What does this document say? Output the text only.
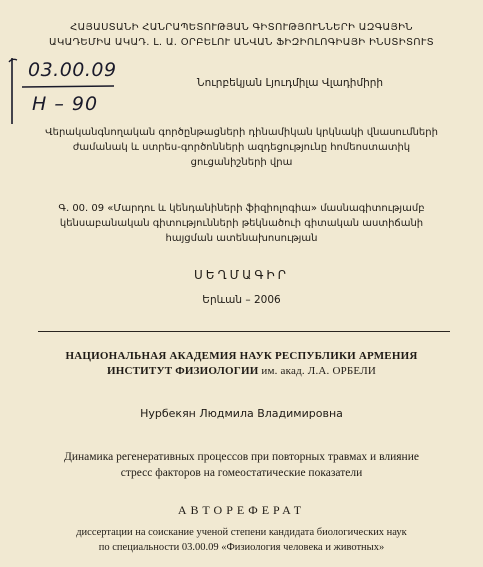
ՀԱՅԱՍՏԱՆԻ ՀԱՆՐԱՊԵՏՈՒԹՅԱՆ ԳԻՏՈՒԹՅՈՒՆՆԵՐԻ ԱԶԳԱՅԻՆ
ԱԿԱԴԵՄԻԱ ԱԿԱԴ. Լ. Ա. ՕՐԲԵԼՈՒ ԱՆՎԱՆ ՖԻԶԻՈԼՈԳԻԱՅԻ ԻՆՍՏԻՏՈՒՏ
03.00.09
H – 90
Նուրբեկյան Լյուդմիլա Վլադիմիրի
Վերականգնողական գործընթացների դինամիկան կրկնակի վնասումների
ժամանակ և ստրես-գործոնների ազդեցությունը հոմեոստատիկ
ցուցանիշների վրա
Գ. 00. 09 «Մարդու և կենդանիների ֆիզիոլոգիա» մասնագիտությամբ
կենսաբանական գիտությունների թեկնածուի գիտական աստիճանի
հայցման ատենախոսության
ՍԵՂՄԱԳԻՐ
Երևան – 2006
НАЦИОНАЛЬНАЯ АКАДЕМИЯ НАУК РЕСПУБЛИКИ АРМЕНИЯ
ИНСТИТУТ ФИЗИОЛОГИИ им. акад. Л.А. ОРБЕЛИ
Нурбекян Людмила Владимировна
Динамика регенеративных процессов при повторных травмах и влияние
стресс факторов на гомеостатические показатели
АВТОРЕФЕРАТ
диссертации на соискание ученой степени кандидата биологических наук
по специальности 03.00.09 «Физиология человека и животных»
